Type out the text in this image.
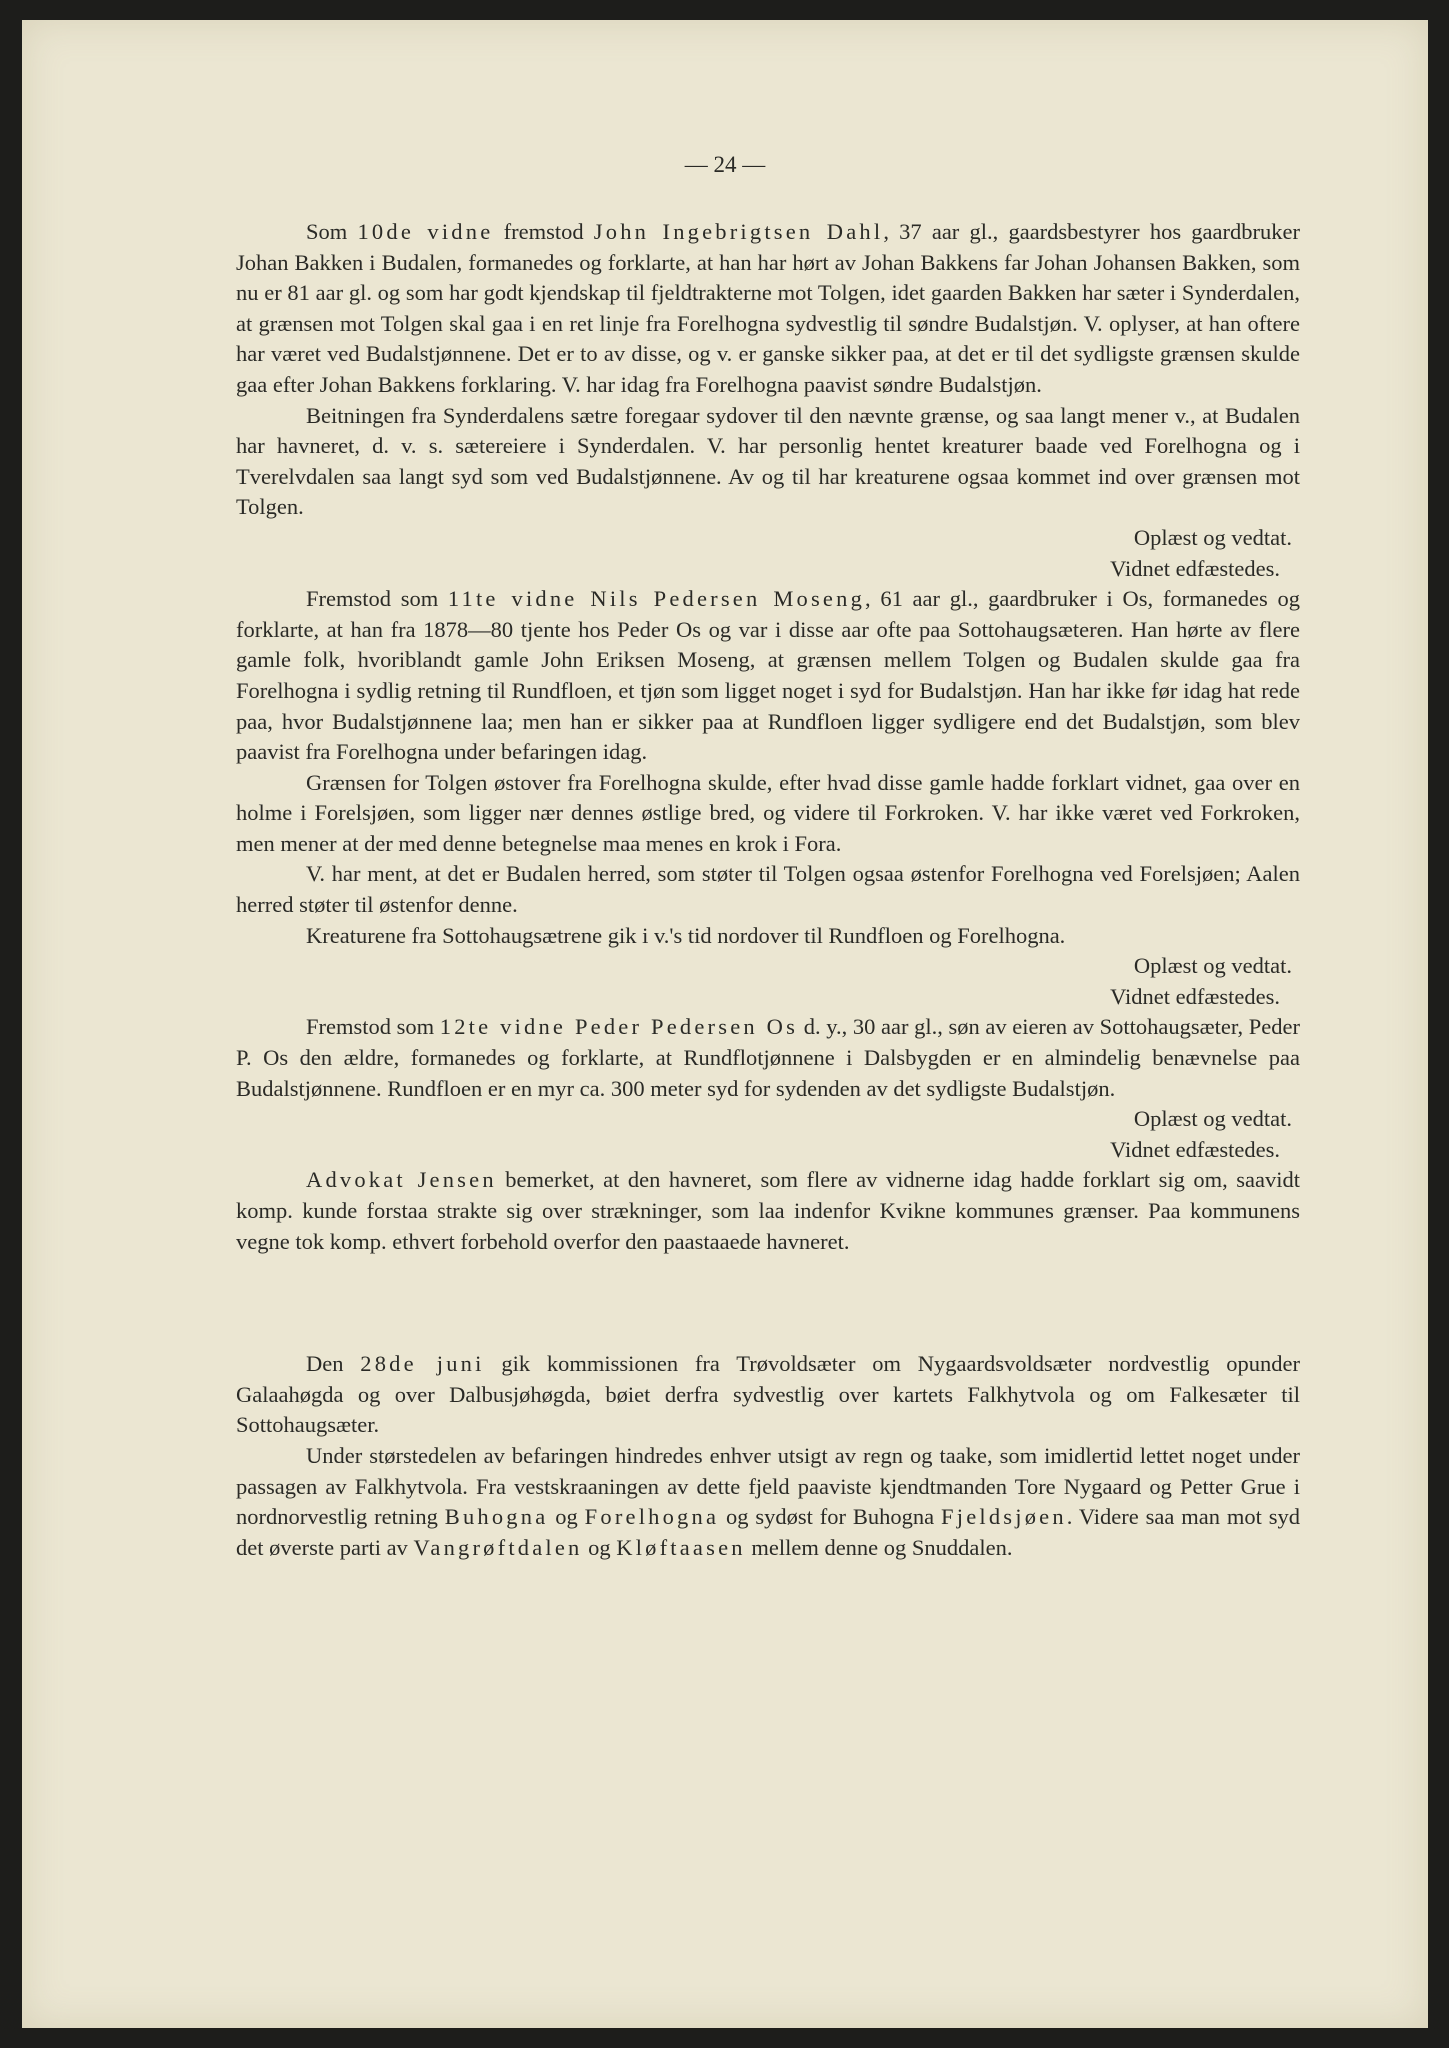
— 24 —

Som 10de vidne fremstod John Ingebrigtsen Dahl, 37 aar gl., gaardsbestyrer hos gaardbruker Johan Bakken i Budalen, formanedes og forklarte, at han har hørt av Johan Bakkens far Johan Johansen Bakken, som nu er 81 aar gl. og som har godt kjendskap til fjeldtrakterne mot Tolgen, idet gaarden Bakken har sæter i Synderdalen, at grænsen mot Tolgen skal gaa i en ret linje fra Forelhogna sydvestlig til søndre Budalstjøn. V. oplyser, at han oftere har været ved Budalstjønnene. Det er to av disse, og v. er ganske sikker paa, at det er til det sydligste grænsen skulde gaa efter Johan Bakkens forklaring. V. har idag fra Forelhogna paavist søndre Budalstjøn.

Beitningen fra Synderdalens sætre foregaar sydover til den nævnte grænse, og saa langt mener v., at Budalen har havneret, d. v. s. sætereiere i Synderdalen. V. har personlig hentet kreaturer baade ved Forelhogna og i Tverelvdalen saa langt syd som ved Budalstjønnene. Av og til har kreaturene ogsaa kommet ind over grænsen mot Tolgen.

Oplæst og vedtat.
Vidnet edfæstedes.

Fremstod som 11te vidne Nils Pedersen Moseng, 61 aar gl., gaardbruker i Os, formanedes og forklarte, at han fra 1878—80 tjente hos Peder Os og var i disse aar ofte paa Sottohaugsæteren. Han hørte av flere gamle folk, hvoriblandt gamle John Eriksen Moseng, at grænsen mellem Tolgen og Budalen skulde gaa fra Forelhogna i sydlig retning til Rundfloen, et tjøn som ligget noget i syd for Budalstjøn. Han har ikke før idag hat rede paa, hvor Budalstjønnene laa; men han er sikker paa at Rundfloen ligger sydligere end det Budalstjøn, som blev paavist fra Forelhogna under befaringen idag.

Grænsen for Tolgen østover fra Forelhogna skulde, efter hvad disse gamle hadde forklart vidnet, gaa over en holme i Forelsjøen, som ligger nær dennes østlige bred, og videre til Forkroken. V. har ikke været ved Forkroken, men mener at der med denne betegnelse maa menes en krok i Fora.

V. har ment, at det er Budalen herred, som støter til Tolgen ogsaa østenfor Forelhogna ved Forelsjøen; Aalen herred støter til østenfor denne.

Kreaturene fra Sottohaugsætrene gik i v.'s tid nordover til Rundfloen og Forelhogna.

Oplæst og vedtat.
Vidnet edfæstedes.

Fremstod som 12te vidne Peder Pedersen Os d. y., 30 aar gl., søn av eieren av Sottohaugsæter, Peder P. Os den ældre, formanedes og forklarte, at Rundflotjønnene i Dalsbygden er en almindelig benævnelse paa Budalstjønnene. Rundfloen er en myr ca. 300 meter syd for sydenden av det sydligste Budalstjøn.

Oplæst og vedtat.
Vidnet edfæstedes.

Advokat Jensen bemerket, at den havneret, som flere av vidnerne idag hadde forklart sig om, saavidt komp. kunde forstaa strakte sig over strækninger, som laa indenfor Kvikne kommunes grænser. Paa kommunens vegne tok komp. ethvert forbehold overfor den paastaaede havneret.

Den 28de juni gik kommissionen fra Trøvoldsæter om Nygaardsvoldsæter nordvestlig opunder Galaahøgda og over Dalbusjøhøgda, bøiet derfra sydvestlig over kartets Falkhytvola og om Falkesæter til Sottohaugsæter.

Under størstedelen av befaringen hindredes enhver utsigt av regn og taake, som imidlertid lettet noget under passagen av Falkhytvola. Fra vestskraaningen av dette fjeld paaviste kjendtmanden Tore Nygaard og Petter Grue i nordnorvestlig retning Buhogna og Forelhogna og sydøst for Buhogna Fjeldsjøen. Videre saa man mot syd det øverste parti av Vangrøftdalen og Kløftaasen mellem denne og Snuddalen.
